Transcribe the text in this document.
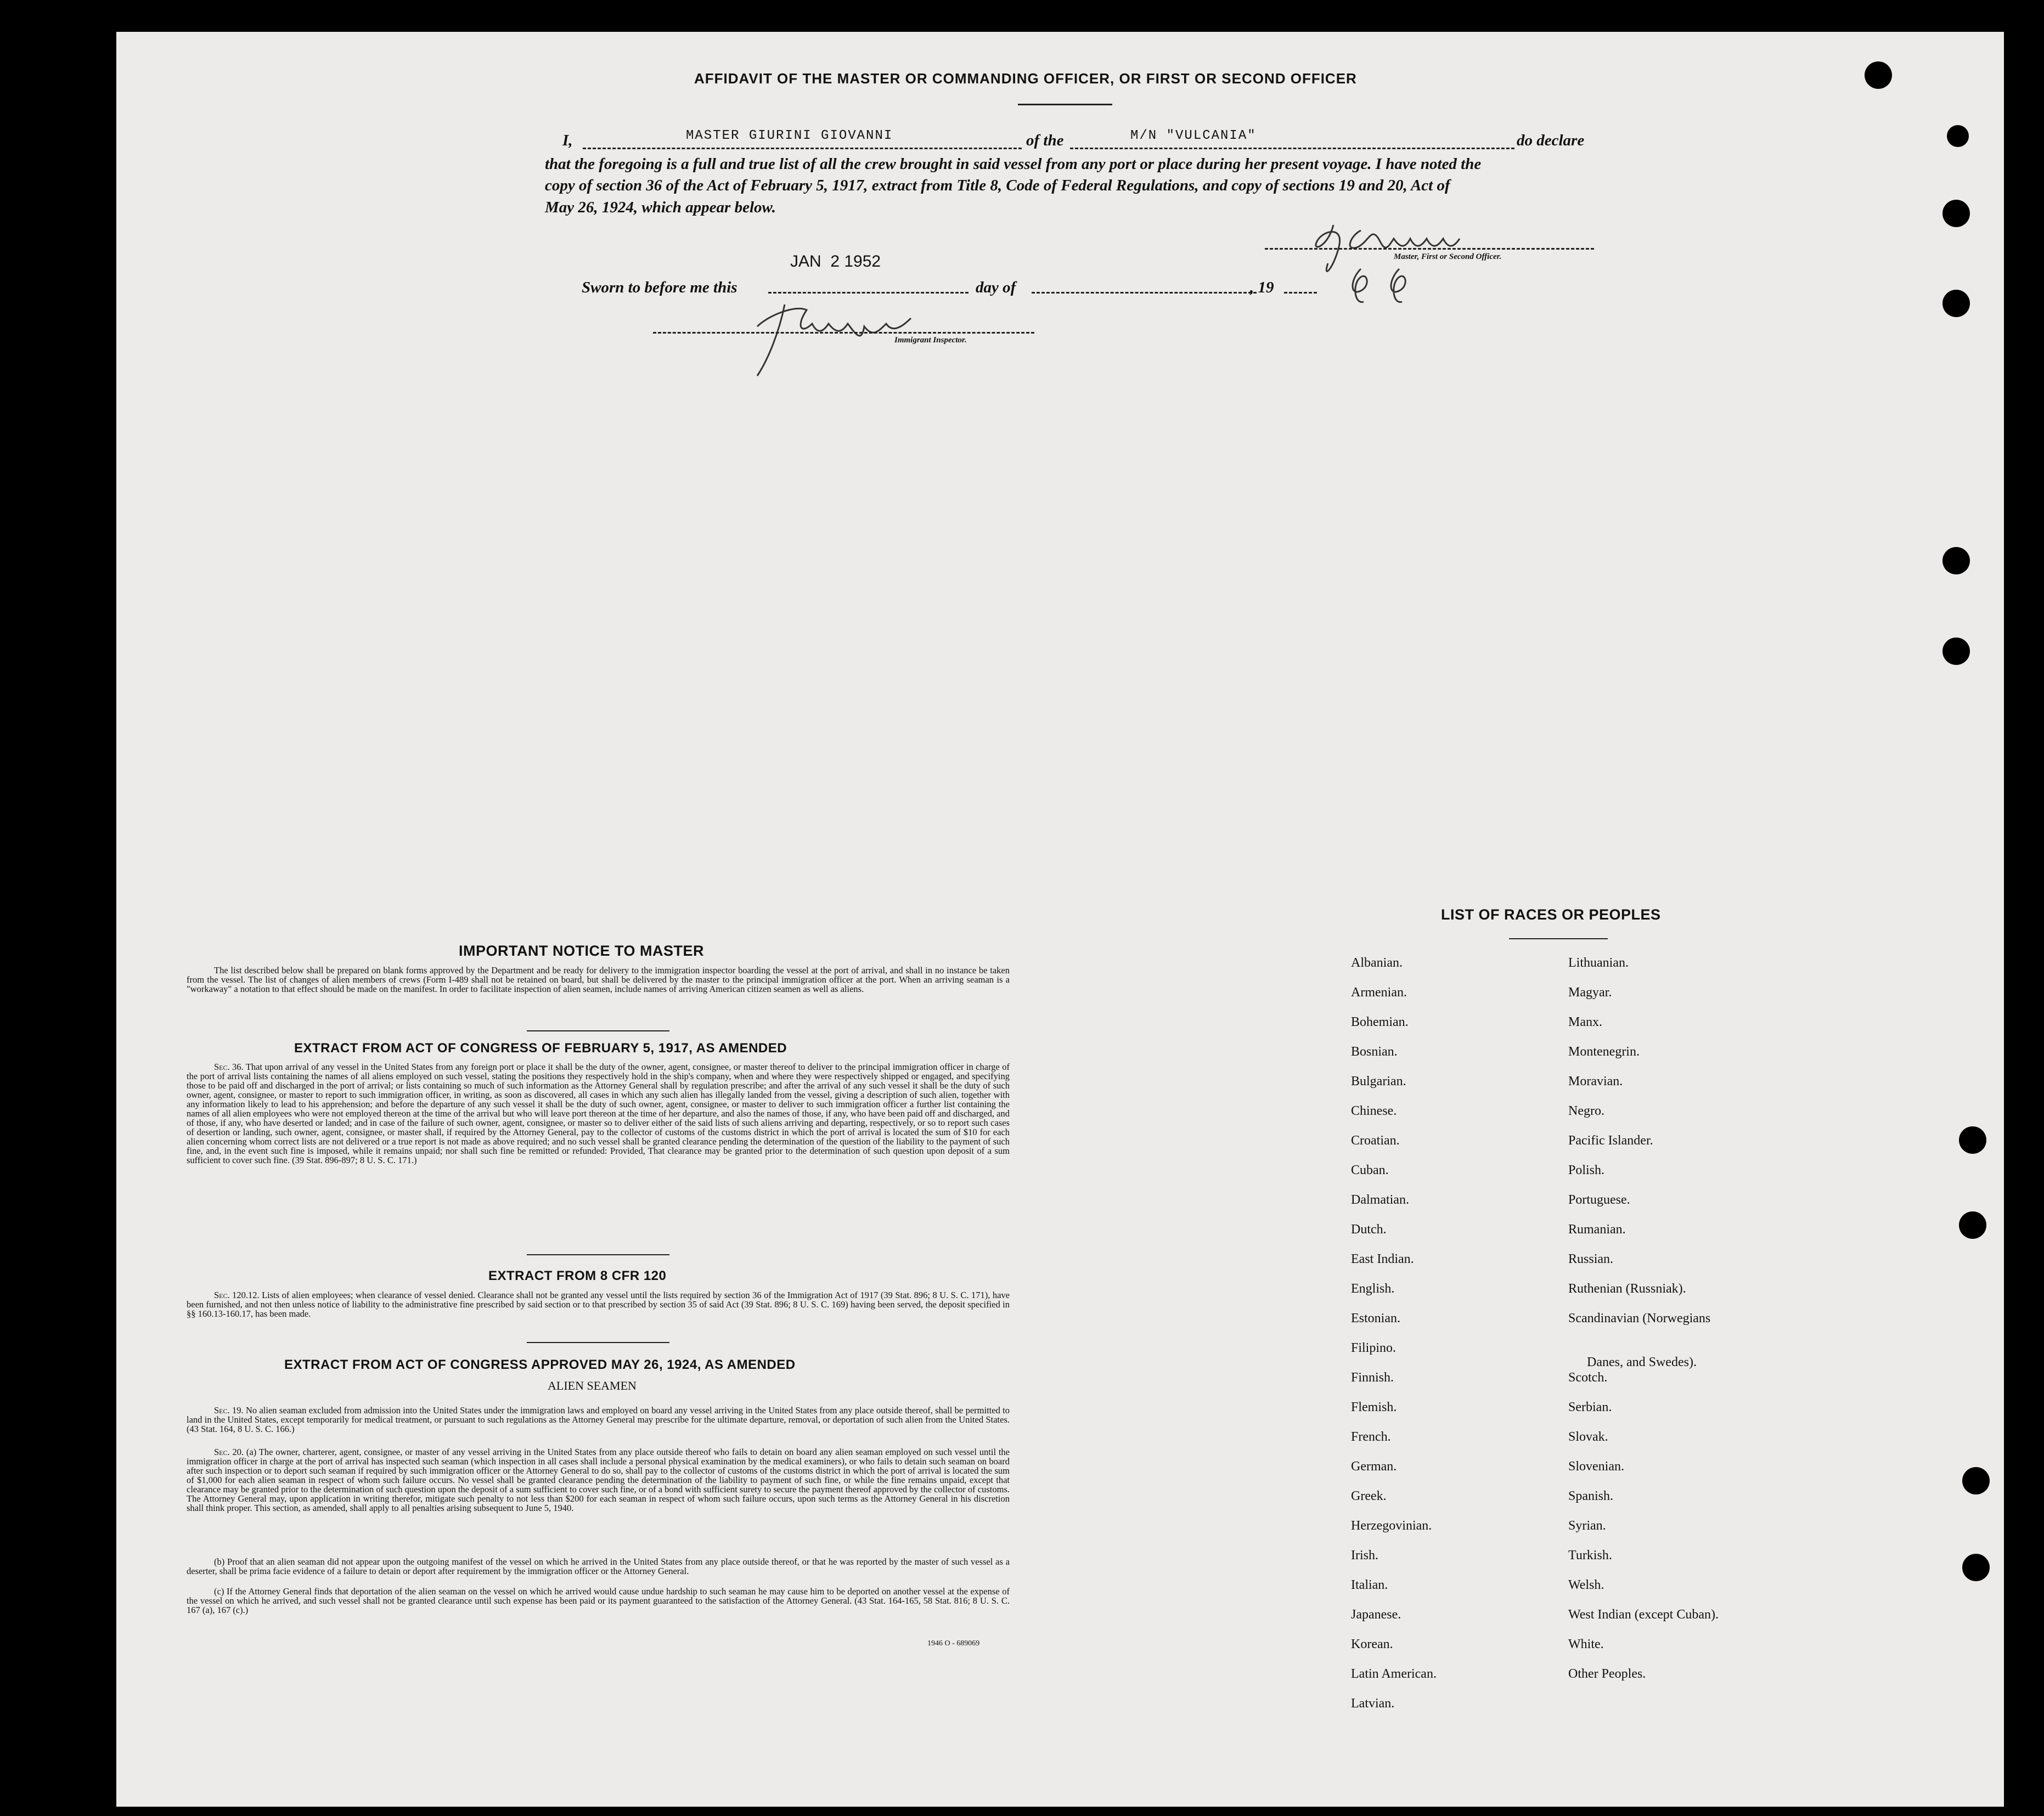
AFFIDAVIT OF THE MASTER OR COMMANDING OFFICER, OR FIRST OR SECOND OFFICER
I,	MASTER GIURINI GIOVANNI	of the	M/N "VULCANIA"	do declare
that the foregoing is a full and true list of all the crew brought in said vessel from any port or place during her present voyage. I have noted the
copy of section 36 of the Act of February 5, 1917, extract from Title 8, Code of Federal Regulations, and copy of sections 19 and 20, Act of
May 26, 1924, which appear below.
Master, First or Second Officer.
JAN  2 1952
Sworn to before me this	day of	, 19
Immigrant Inspector.
IMPORTANT NOTICE TO MASTER
The list described below shall be prepared on blank forms approved by the Department and be ready for delivery to the immigration inspector boarding the vessel at the port of arrival, and shall in no instance be taken from the vessel. The list of changes of alien members of crews (Form I-489 shall not be retained on board, but shall be delivered by the master to the principal immigration officer at the port. When an arriving seaman is a "workaway" a notation to that effect should be made on the manifest. In order to facilitate inspection of alien seamen, include names of arriving American citizen seamen as well as aliens.
EXTRACT FROM ACT OF CONGRESS OF FEBRUARY 5, 1917, AS AMENDED
Sec. 36. That upon arrival of any vessel in the United States from any foreign port or place it shall be the duty of the owner, agent, consignee, or master thereof to deliver to the principal immigration officer in charge of the port of arrival lists containing the names of all aliens employed on such vessel, stating the positions they respectively hold in the ship's company, when and where they were respectively shipped or engaged, and specifying those to be paid off and discharged in the port of arrival; or lists containing so much of such information as the Attorney General shall by regulation prescribe; and after the arrival of any such vessel it shall be the duty of such owner, agent, consignee, or master to report to such immigration officer, in writing, as soon as discovered, all cases in which any such alien has illegally landed from the vessel, giving a description of such alien, together with any information likely to lead to his apprehension; and before the departure of any such vessel it shall be the duty of such owner, agent, consignee, or master to deliver to such immigration officer a further list containing the names of all alien employees who were not employed thereon at the time of the arrival but who will leave port thereon at the time of her departure, and also the names of those, if any, who have been paid off and discharged, and of those, if any, who have deserted or landed; and in case of the failure of such owner, agent, consignee, or master so to deliver either of the said lists of such aliens arriving and departing, respectively, or so to report such cases of desertion or landing, such owner, agent, consignee, or master shall, if required by the Attorney General, pay to the collector of customs of the customs district in which the port of arrival is located the sum of $10 for each alien concerning whom correct lists are not delivered or a true report is not made as above required; and no such vessel shall be granted clearance pending the determination of the question of the liability to the payment of such fine, and, in the event such fine is imposed, while it remains unpaid; nor shall such fine be remitted or refunded: Provided, That clearance may be granted prior to the determination of such question upon deposit of a sum sufficient to cover such fine. (39 Stat. 896-897; 8 U. S. C. 171.)
EXTRACT FROM 8 CFR 120
Sec. 120.12. Lists of alien employees; when clearance of vessel denied. Clearance shall not be granted any vessel until the lists required by section 36 of the Immigration Act of 1917 (39 Stat. 896; 8 U. S. C. 171), have been furnished, and not then unless notice of liability to the administrative fine prescribed by said section or to that prescribed by section 35 of said Act (39 Stat. 896; 8 U. S. C. 169) having been served, the deposit specified in §§ 160.13-160.17, has been made.
EXTRACT FROM ACT OF CONGRESS APPROVED MAY 26, 1924, AS AMENDED
ALIEN SEAMEN
Sec. 19. No alien seaman excluded from admission into the United States under the immigration laws and employed on board any vessel arriving in the United States from any place outside thereof, shall be permitted to land in the United States, except temporarily for medical treatment, or pursuant to such regulations as the Attorney General may prescribe for the ultimate departure, removal, or deportation of such alien from the United States. (43 Stat. 164, 8 U. S. C. 166.)
Sec. 20. (a) The owner, charterer, agent, consignee, or master of any vessel arriving in the United States from any place outside thereof who fails to detain on board any alien seaman employed on such vessel until the immigration officer in charge at the port of arrival has inspected such seaman (which inspection in all cases shall include a personal physical examination by the medical examiners), or who fails to detain such seaman on board after such inspection or to deport such seaman if required by such immigration officer or the Attorney General to do so, shall pay to the collector of customs of the customs district in which the port of arrival is located the sum of $1,000 for each alien seaman in respect of whom such failure occurs. No vessel shall be granted clearance pending the determination of the liability to payment of such fine, or while the fine remains unpaid, except that clearance may be granted prior to the determination of such question upon the deposit of a sum sufficient to cover such fine, or of a bond with sufficient surety to secure the payment thereof approved by the collector of customs. The Attorney General may, upon application in writing therefor, mitigate such penalty to not less than $200 for each seaman in respect of whom such failure occurs, upon such terms as the Attorney General in his discretion shall think proper. This section, as amended, shall apply to all penalties arising subsequent to June 5, 1940.
(b) Proof that an alien seaman did not appear upon the outgoing manifest of the vessel on which he arrived in the United States from any place outside thereof, or that he was reported by the master of such vessel as a deserter, shall be prima facie evidence of a failure to detain or deport after requirement by the immigration officer or the Attorney General.
(c) If the Attorney General finds that deportation of the alien seaman on the vessel on which he arrived would cause undue hardship to such seaman he may cause him to be deported on another vessel at the expense of the vessel on which he arrived, and such vessel shall not be granted clearance until such expense has been paid or its payment guaranteed to the satisfaction of the Attorney General. (43 Stat. 164-165, 58 Stat. 816; 8 U. S. C. 167 (a), 167 (c).)
1946 O - 689069
LIST OF RACES OR PEOPLES
Albanian.
Armenian.
Bohemian.
Bosnian.
Bulgarian.
Chinese.
Croatian.
Cuban.
Dalmatian.
Dutch.
East Indian.
English.
Estonian.
Filipino.
Finnish.
Flemish.
French.
German.
Greek.
Herzegovinian.
Irish.
Italian.
Japanese.
Korean.
Latin American.
Latvian.
Lithuanian.
Magyar.
Manx.
Montenegrin.
Moravian.
Negro.
Pacific Islander.
Polish.
Portuguese.
Rumanian.
Russian.
Ruthenian (Russniak).
Scandinavian (Norwegians
Danes, and Swedes).
Scotch.
Serbian.
Slovak.
Slovenian.
Spanish.
Syrian.
Turkish.
Welsh.
West Indian (except Cuban).
White.
Other Peoples.
